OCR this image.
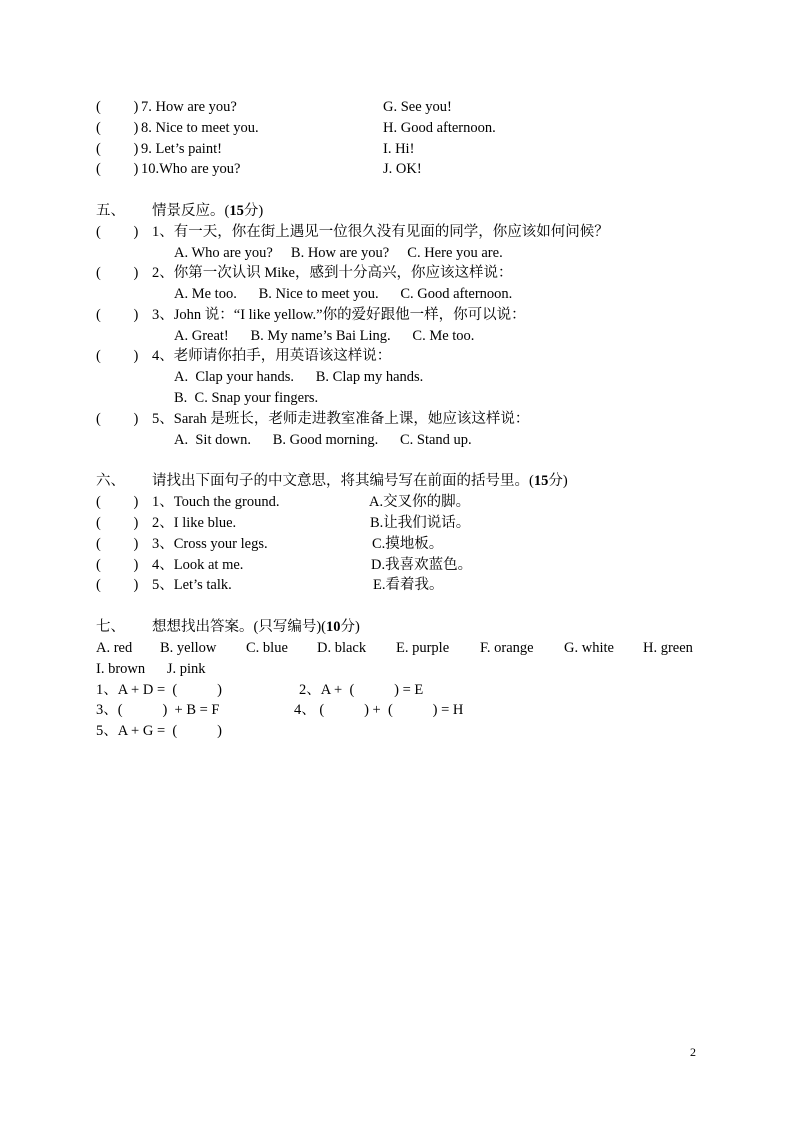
(         ) 7. How are you?	G. See you!
(         ) 8. Nice to meet you.	H. Good afternoon.
(         ) 9. Let’s paint!	I. Hi!
(         ) 10.Who are you?	J. OK!
五、 情景反应。(15分)
(         ) 1、有一天，你在街上遇见一位很久没有见面的同学，你应该如何问候？
A. Who are you?     B. How are you?     C. Here you are.
(         ) 2、你第一次认识 Mike，感到十分高兴，你应该这样说：
A. Me too.      B. Nice to meet you.      C. Good afternoon.
(         ) 3、John 说：“I like yellow.”你的爱好跟他一样，你可以说：
A. Great!      B. My name’s Bai Ling.      C. Me too.
(         ) 4、老师请你拍手，用英语该这样说：
A.  Clap your hands.      B. Clap my hands.
B.  C. Snap your fingers.
(         ) 5、Sarah 是班长，老师走进教室准备上课，她应该这样说：
A.  Sit down.      B. Good morning.      C. Stand up.
六、 请找出下面句子的中文意思，将其编号写在前面的括号里。(15分)
(         ) 1、Touch the ground.	A.交叉你的脚。
(         ) 2、I like blue.	B.让我们说话。
(         ) 3、Cross your legs.	C.摸地板。
(         ) 4、Look at me.	D.我喜欢蓝色。
(         ) 5、Let’s talk.	E.看着我。
七、 想想找出答案。(只写编号)(10分)
A. red B. yellow C. blue D. black E. purple F. orange G. white H. green
I. brown      J. pink
1、A + D =  (           )	2、A +  (           ) = E
3、(           )  + B = F	4、 (           ) +  (           ) = H
5、A + G =  (           )
2
